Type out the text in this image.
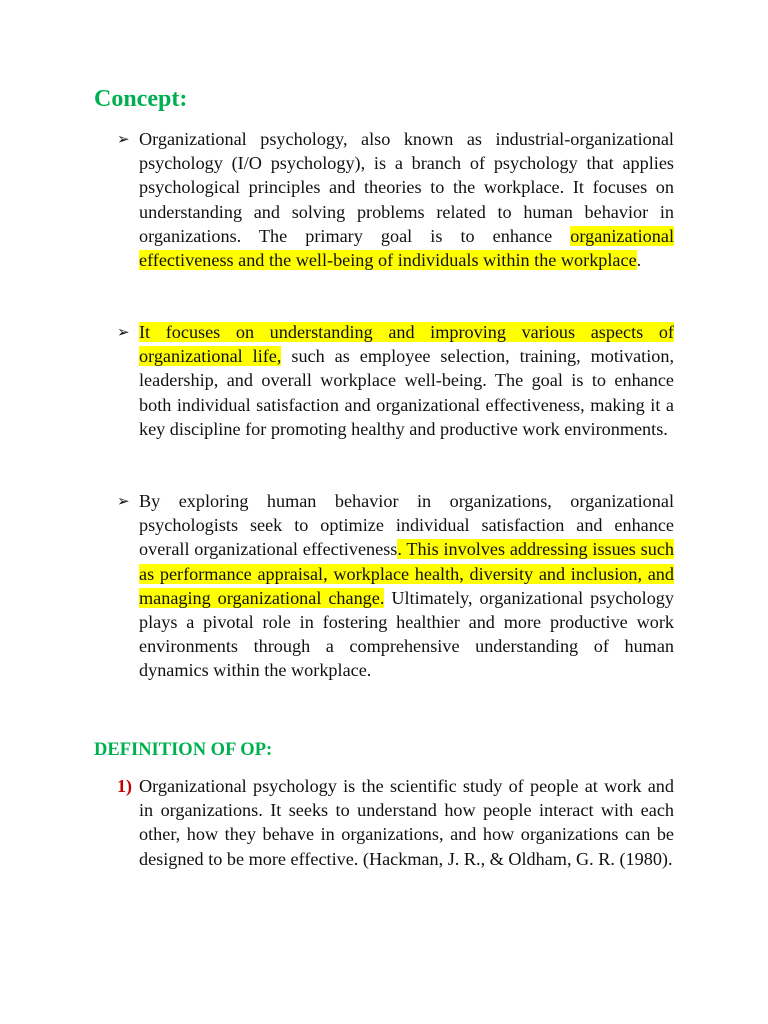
Concept:
➢ Organizational psychology, also known as industrial-organizational psychology (I/O psychology), is a branch of psychology that applies psychological principles and theories to the workplace. It focuses on understanding and solving problems related to human behavior in organizations. The primary goal is to enhance organizational effectiveness and the well-being of individuals within the workplace.

➢ It focuses on understanding and improving various aspects of organizational life, such as employee selection, training, motivation, leadership, and overall workplace well-being. The goal is to enhance both individual satisfaction and organizational effectiveness, making it a key discipline for promoting healthy and productive work environments.

➢ By exploring human behavior in organizations, organizational psychologists seek to optimize individual satisfaction and enhance overall organizational effectiveness. This involves addressing issues such as performance appraisal, workplace health, diversity and inclusion, and managing organizational change. Ultimately, organizational psychology plays a pivotal role in fostering healthier and more productive work environments through a comprehensive understanding of human dynamics within the workplace.

DEFINITION OF OP:
1) Organizational psychology is the scientific study of people at work and in organizations. It seeks to understand how people interact with each other, how they behave in organizations, and how organizations can be designed to be more effective. (Hackman, J. R., & Oldham, G. R. (1980).
